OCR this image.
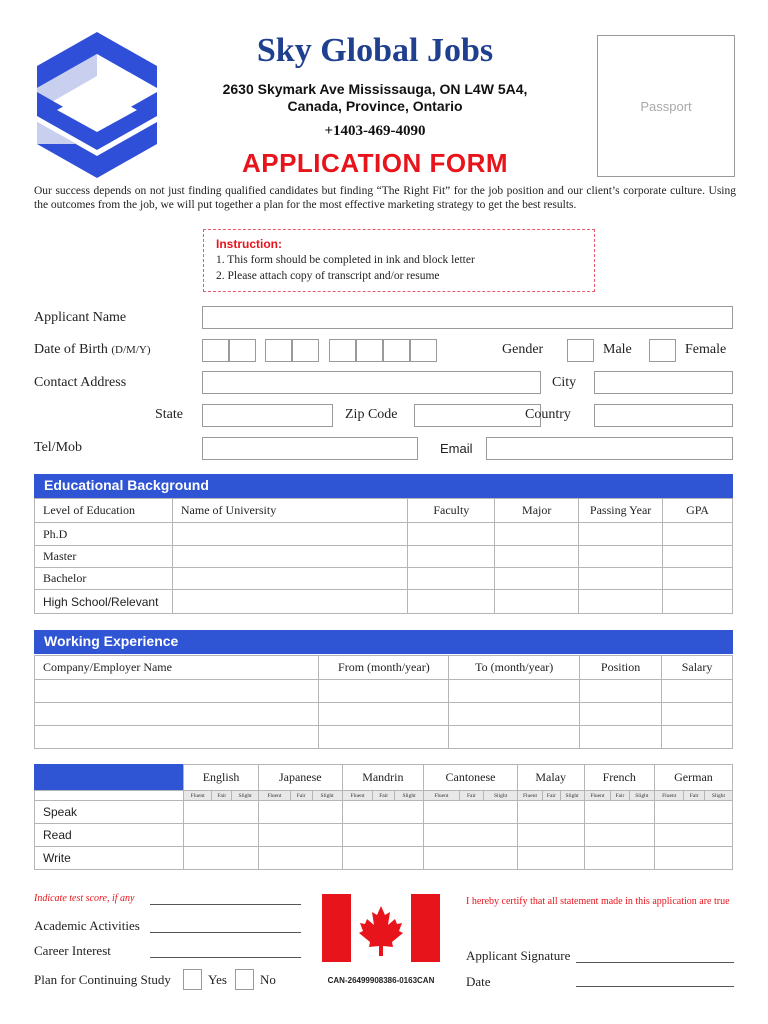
Sky Global Jobs
2630 Skymark Ave Mississauga, ON L4W 5A4,
Canada, Province, Ontario
+1403-469-4090
APPLICATION FORM
Passport
Our success depends on not just finding qualified candidates but finding “The Right Fit” for the job position and our client’s corporate culture. Using the outcomes from the job, we will put together a plan for the most effective marketing strategy to get the best results.
Instruction:
1. This form should be completed in ink and block letter
2. Please attach copy of transcript and/or resume
Applicant Name
Date of Birth (D/M/Y)	Gender	Male	Female
Contact Address	City
State	Zip Code	Country
Tel/Mob	Email
Educational Background
Level of Education	Name of University	Faculty	Major	Passing Year	GPA
Ph.D					
Master					
Bachelor					
High School/Relevant					
Working Experience
Company/Employer Name	From (month/year)	To (month/year)	Position	Salary

	English			Japanese			Mandrin			Cantonese			Malay			French			German		
	Fluent	Fair	Slight	Fluent	Fair	Slight	Fluent	Fair	Slight	Fluent	Fair	Slight	Fluent	Fair	Slight	Fluent	Fair	Slight	Fluent	Fair	Slight
Speak																					
Read																					
Write																					
Indicate test score, if any
Academic Activities
Career Interest
Plan for Continuing Study	Yes	No	CAN-26499908386-0163CAN
I hereby certify that all statement made in this application are true
Applicant Signature
Date
